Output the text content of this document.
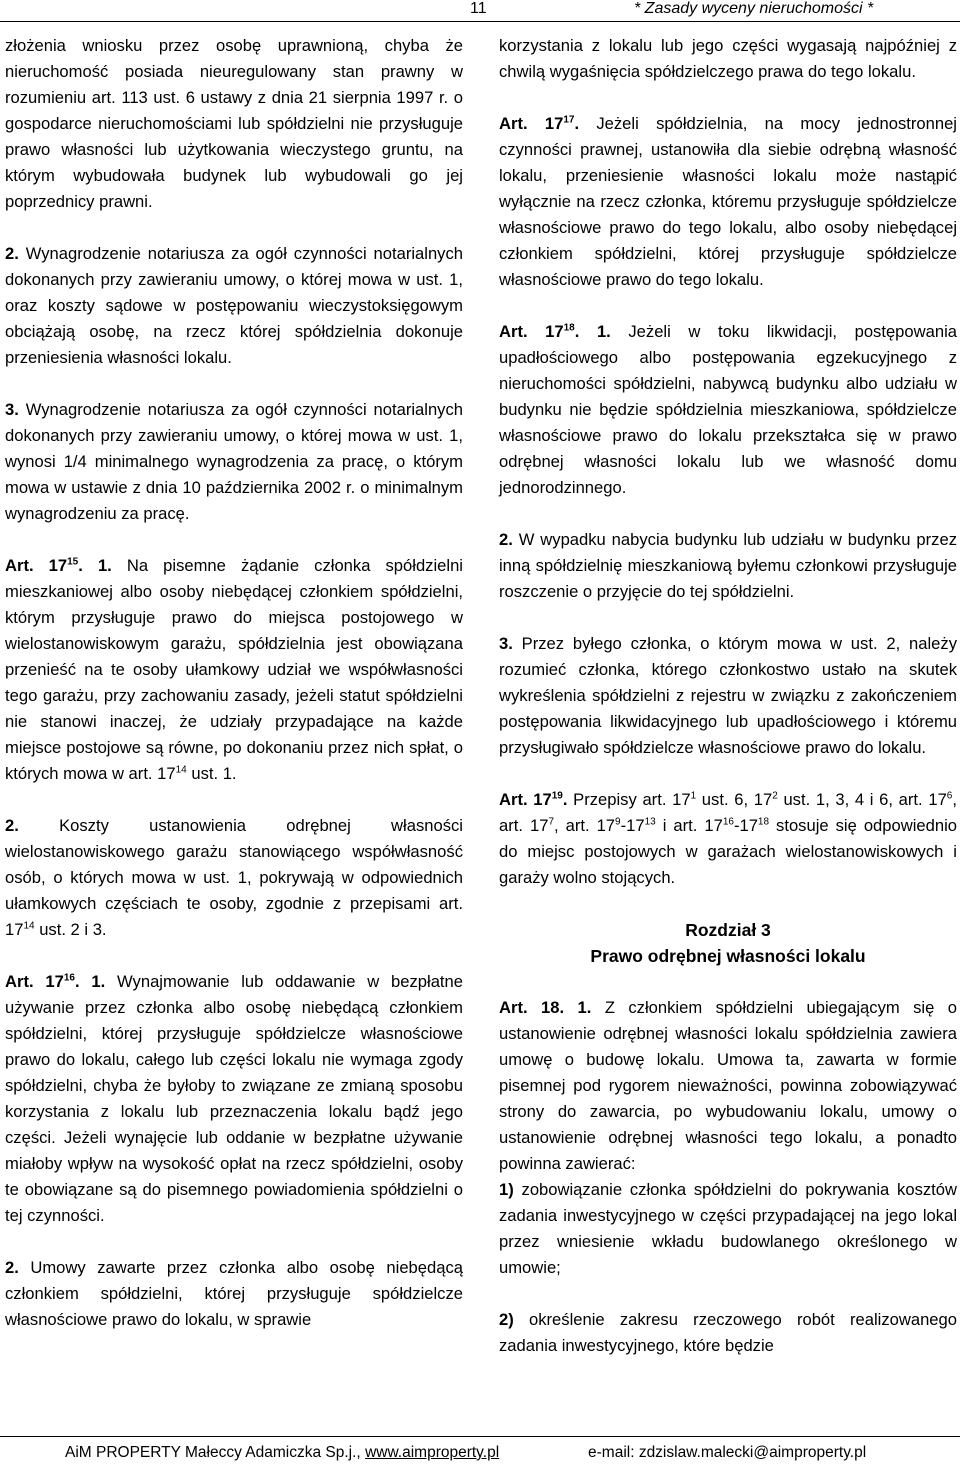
11	* Zasady wyceny nieruchomości *

złożenia wniosku przez osobę uprawnioną, chyba że nieruchomość posiada nieuregulowany stan prawny w rozumieniu art. 113 ust. 6 ustawy z dnia 21 sierpnia 1997 r. o gospodarce nieruchomościami lub spółdzielni nie przysługuje prawo własności lub użytkowania wieczystego gruntu, na którym wybudowała budynek lub wybudowali go jej poprzednicy prawni.

2. Wynagrodzenie notariusza za ogół czynności notarialnych dokonanych przy zawieraniu umowy, o której mowa w ust. 1, oraz koszty sądowe w postępowaniu wieczystoksięgowym obciążają osobę, na rzecz której spółdzielnia dokonuje przeniesienia własności lokalu.

3. Wynagrodzenie notariusza za ogół czynności notarialnych dokonanych przy zawieraniu umowy, o której mowa w ust. 1, wynosi 1/4 minimalnego wynagrodzenia za pracę, o którym mowa w ustawie z dnia 10 października 2002 r. o minimalnym wynagrodzeniu za pracę.

Art. $17^{15}$. 1. Na pisemne żądanie członka spółdzielni mieszkaniowej albo osoby niebędącej członkiem spółdzielni, którym przysługuje prawo do miejsca postojowego w wielostanowiskowym garażu, spółdzielnia jest obowiązana przenieść na te osoby ułamkowy udział we współwłasności tego garażu, przy zachowaniu zasady, jeżeli statut spółdzielni nie stanowi inaczej, że udziały przypadające na każde miejsce postojowe są równe, po dokonaniu przez nich spłat, o których mowa w art. $17^{14}$ ust. 1.

2. Koszty ustanowienia odrębnej własności wielostanowiskowego garażu stanowiącego współwłasność osób, o których mowa w ust. 1, pokrywają w odpowiednich ułamkowych częściach te osoby, zgodnie z przepisami art. $17^{14}$ ust. 2 i 3.

Art. $17^{16}$. 1. Wynajmowanie lub oddawanie w bezpłatne używanie przez członka albo osobę niebędącą członkiem spółdzielni, której przysługuje spółdzielcze własnościowe prawo do lokalu, całego lub części lokalu nie wymaga zgody spółdzielni, chyba że byłoby to związane ze zmianą sposobu korzystania z lokalu lub przeznaczenia lokalu bądź jego części. Jeżeli wynajęcie lub oddanie w bezpłatne używanie miałoby wpływ na wysokość opłat na rzecz spółdzielni, osoby te obowiązane są do pisemnego powiadomienia spółdzielni o tej czynności.

2. Umowy zawarte przez członka albo osobę niebędącą członkiem spółdzielni, której przysługuje spółdzielcze własnościowe prawo do lokalu, w sprawie

korzystania z lokalu lub jego części wygasają najpóźniej z chwilą wygaśnięcia spółdzielczego prawa do tego lokalu.

Art. $17^{17}$. Jeżeli spółdzielnia, na mocy jednostronnej czynności prawnej, ustanowiła dla siebie odrębną własność lokalu, przeniesienie własności lokalu może nastąpić wyłącznie na rzecz członka, któremu przysługuje spółdzielcze własnościowe prawo do tego lokalu, albo osoby niebędącej członkiem spółdzielni, której przysługuje spółdzielcze własnościowe prawo do tego lokalu.

Art. $17^{18}$. 1. Jeżeli w toku likwidacji, postępowania upadłościowego albo postępowania egzekucyjnego z nieruchomości spółdzielni, nabywcą budynku albo udziału w budynku nie będzie spółdzielnia mieszkaniowa, spółdzielcze własnościowe prawo do lokalu przekształca się w prawo odrębnej własności lokalu lub we własność domu jednorodzinnego.

2. W wypadku nabycia budynku lub udziału w budynku przez inną spółdzielnię mieszkaniową byłemu członkowi przysługuje roszczenie o przyjęcie do tej spółdzielni.

3. Przez byłego członka, o którym mowa w ust. 2, należy rozumieć członka, którego członkostwo ustało na skutek wykreślenia spółdzielni z rejestru w związku z zakończeniem postępowania likwidacyjnego lub upadłościowego i któremu przysługiwało spółdzielcze własnościowe prawo do lokalu.

Art. $17^{19}$. Przepisy art. $17^1$ ust. 6, $17^2$ ust. 1, 3, 4 i 6, art. $17^6$, art. $17^7$, art. $17^9-17^{13}$ i art. $17^{16}-17^{18}$ stosuje się odpowiednio do miejsc postojowych w garażach wielostanowiskowych i garaży wolno stojących.

Rozdział 3
Prawo odrębnej własności lokalu

Art. 18. 1. Z członkiem spółdzielni ubiegającym się o ustanowienie odrębnej własności lokalu spółdzielnia zawiera umowę o budowę lokalu. Umowa ta, zawarta w formie pisemnej pod rygorem nieważności, powinna zobowiązywać strony do zawarcia, po wybudowaniu lokalu, umowy o ustanowienie odrębnej własności tego lokalu, a ponadto powinna zawierać:

1) zobowiązanie członka spółdzielni do pokrywania kosztów zadania inwestycyjnego w części przypadającej na jego lokal przez wniesienie wkładu budowlanego określonego w umowie;

2) określenie zakresu rzeczowego robót realizowanego zadania inwestycyjnego, które będzie

AiM PROPERTY Małeccy Adamiczka Sp.j., www.aimproperty.pl	e-mail: zdzislaw.malecki@aimproperty.pl
